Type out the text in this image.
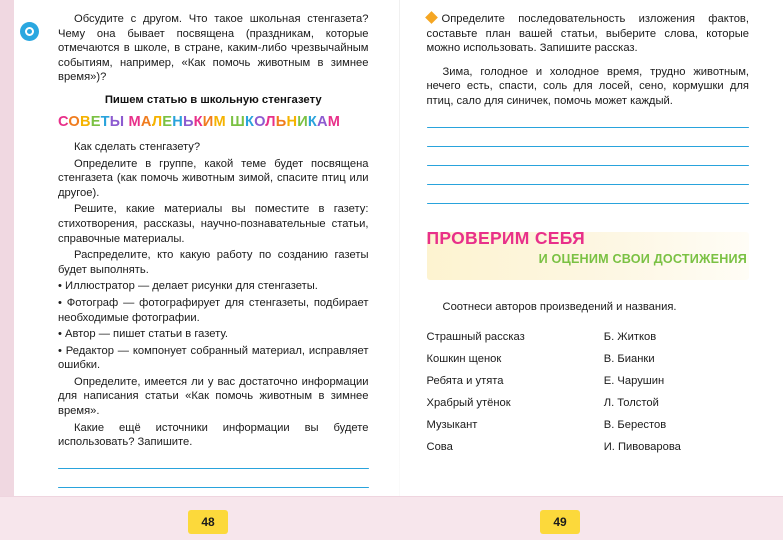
Обсудите с другом. Что такое школьная стенгазета? Чему она бывает посвящена (праздникам, которые отмечаются в школе, в стране, каким-либо чрезвычайным событиям, например, «Как помочь животным в зимнее время»)?

Пишем статью в школьную стенгазету
СОВЕТЫ МАЛЕНЬКИМ ШКОЛЬНИКАМ

Как сделать стенгазету?

Определите в группе, какой теме будет посвящена стенгазета (как помочь животным зимой, спасите птиц или другое).

Решите, какие материалы вы поместите в газету: стихотворения, рассказы, научно-познавательные статьи, справочные материалы.

Распределите, кто какую работу по созданию газеты будет выполнять.

• Иллюстратор — делает рисунки для стенгазеты.

• Фотограф — фотографирует для стенгазеты, подбирает необходимые фотографии.

• Автор — пишет статьи в газету.

• Редактор — компонует собранный материал, исправляет ошибки.

Определите, имеется ли у вас достаточно информации для написания статьи «Как помочь животным в зимнее время».

Какие ещё источники информации вы будете использовать? Запишите.

Определите последовательность изложения фактов, составьте план вашей статьи, выберите слова, которые можно использовать. Запишите рассказ.

Зима, голодное и холодное время, трудно животным, нечего есть, спасти, соль для лосей, сено, кормушки для птиц, сало для синичек, помочь может каждый.

ПРОВЕРИМ СЕБЯ
И ОЦЕНИМ СВОИ ДОСТИЖЕНИЯ

Соотнеси авторов произведений и названия.

Страшный рассказ
Кошкин щенок
Ребята и утята
Храбрый утёнок
Музыкант
Сова
Б. Житков
В. Бианки
Е. Чарушин
Л. Толстой
В. Берестов
И. Пивоварова
48	49
